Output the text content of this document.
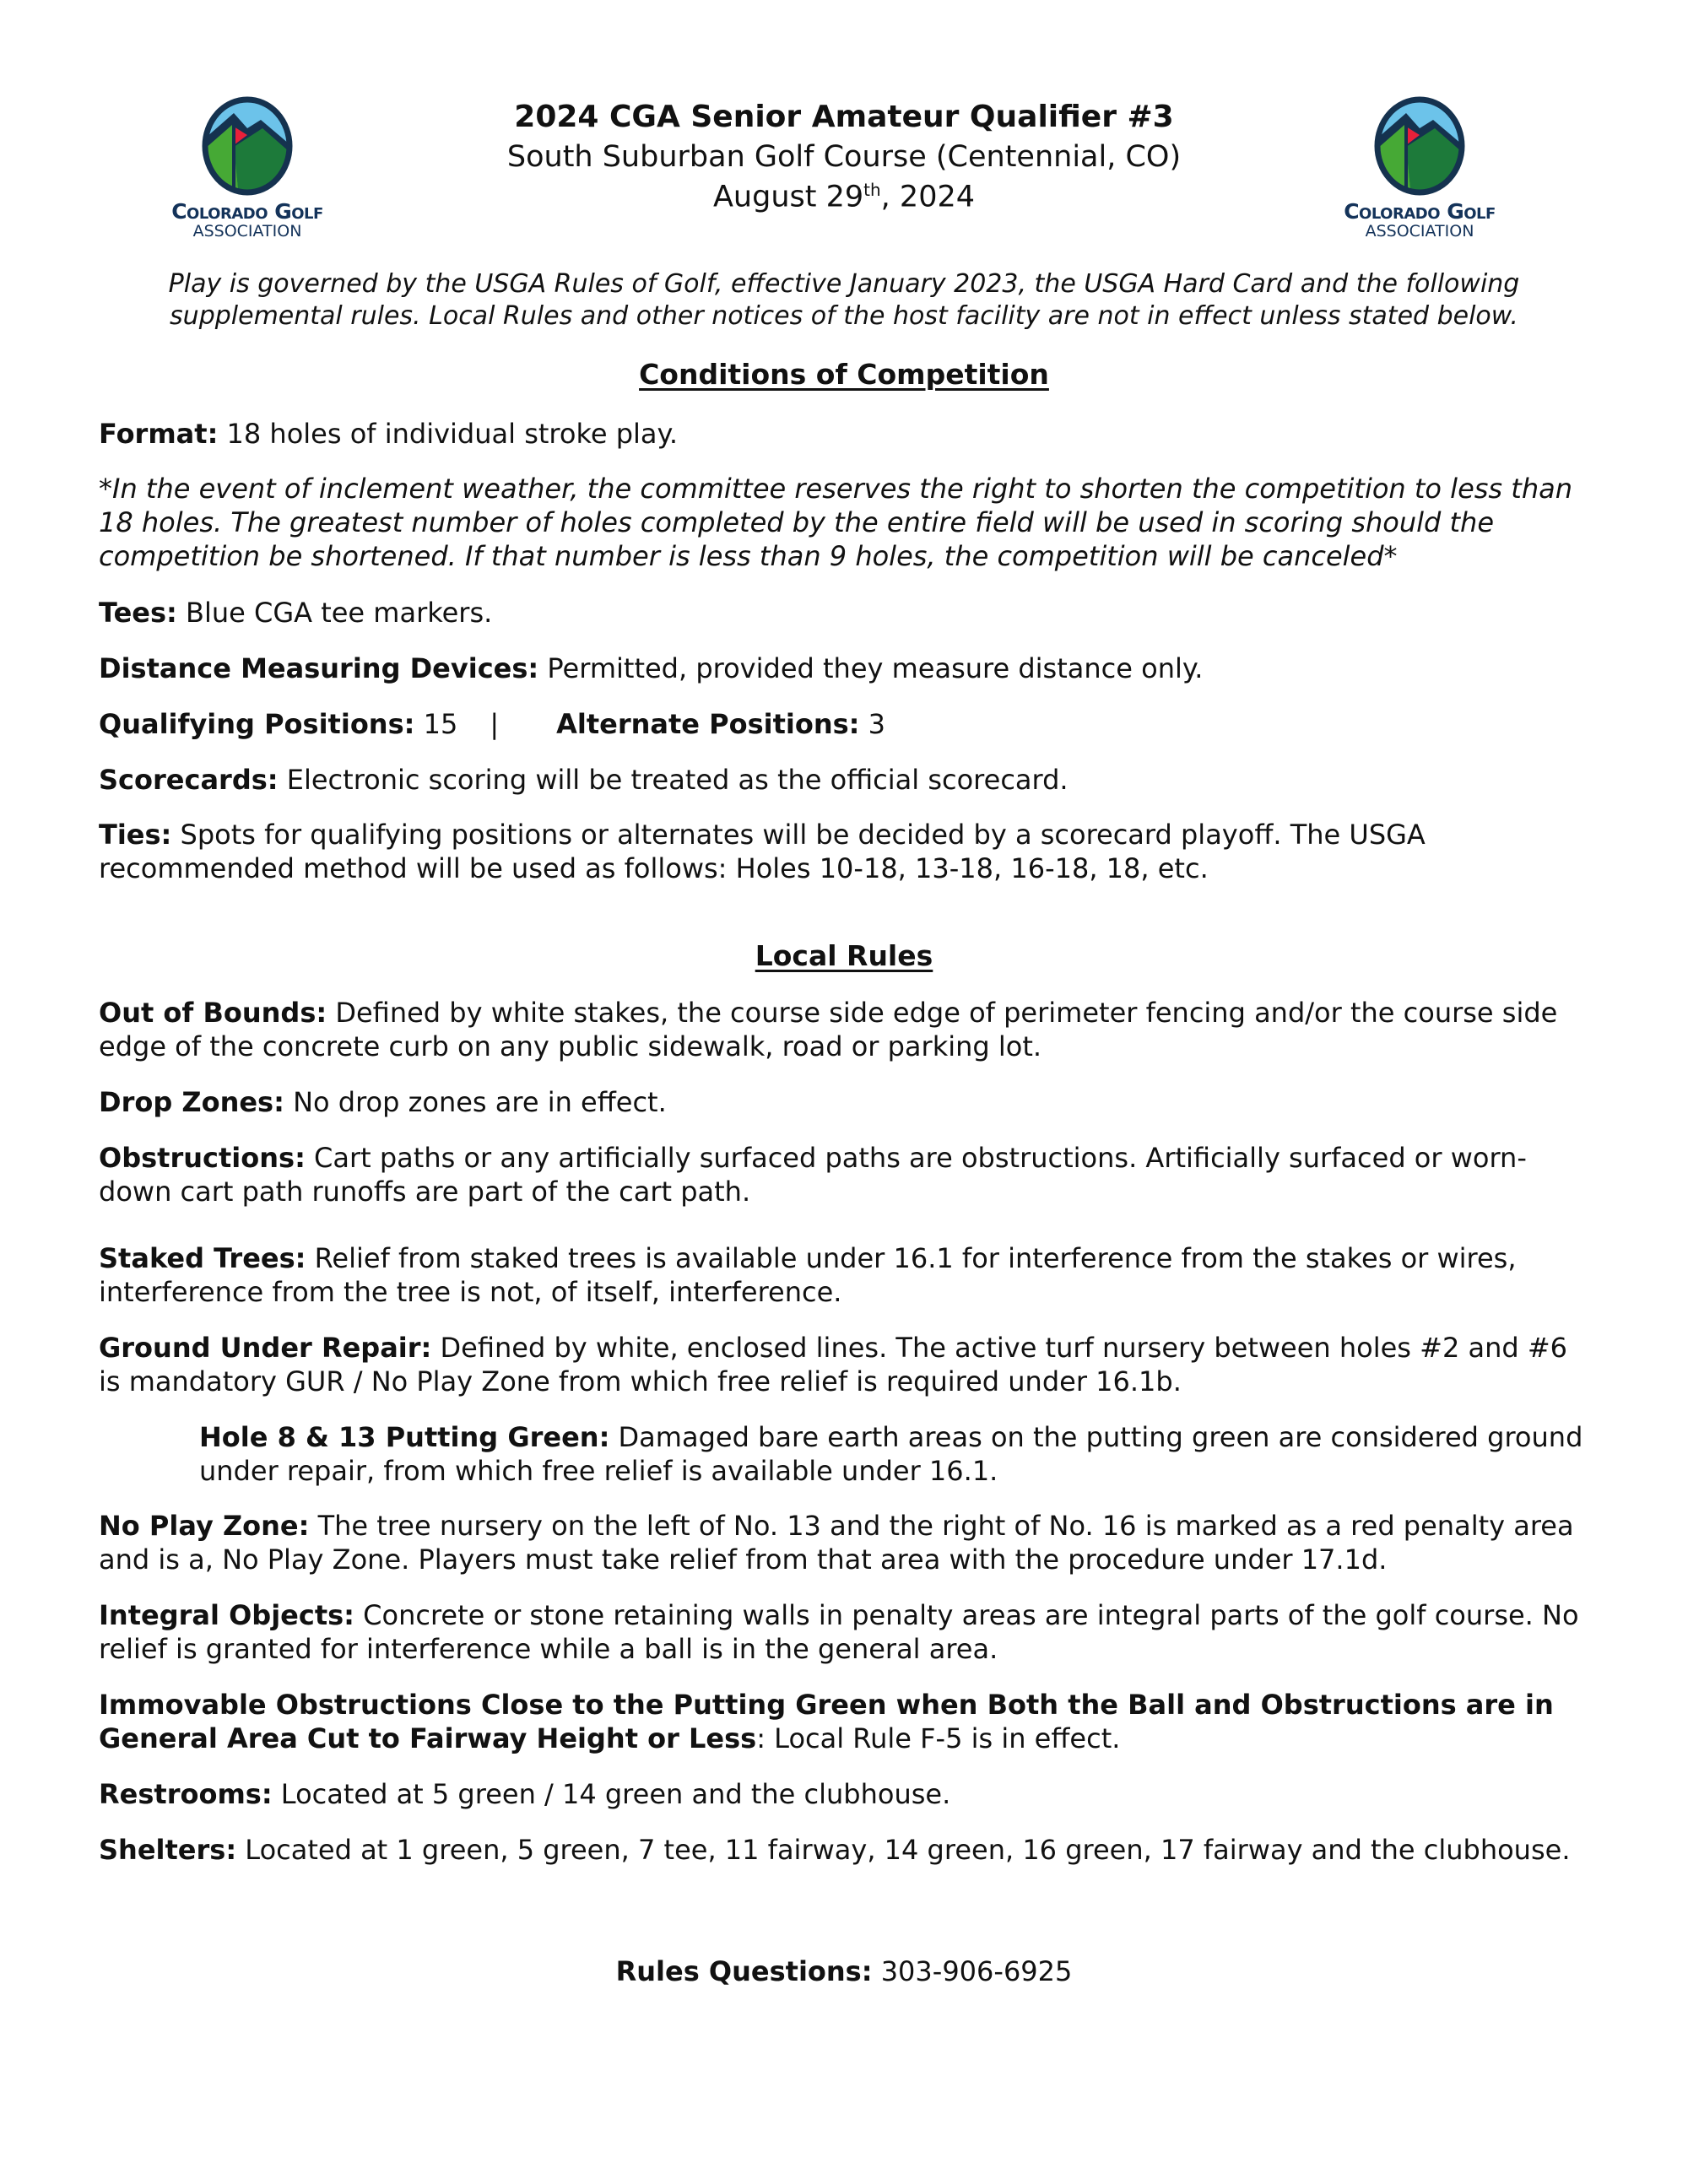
Colorado Golf
ASSOCIATION
Colorado Golf
ASSOCIATION
2024 CGA Senior Amateur Qualifier #3
South Suburban Golf Course (Centennial, CO)
August 29th, 2024
Play is governed by the USGA Rules of Golf, effective January 2023, the USGA Hard Card and the following supplemental rules. Local Rules and other notices of the host facility are not in effect unless stated below.
Conditions of Competition
Format: 18 holes of individual stroke play.
*In the event of inclement weather, the committee reserves the right to shorten the competition to less than 18 holes. The greatest number of holes completed by the entire field will be used in scoring should the competition be shortened. If that number is less than 9 holes, the competition will be canceled*
Tees: Blue CGA tee markers.
Distance Measuring Devices: Permitted, provided they measure distance only.
Qualifying Positions: 15 | Alternate Positions: 3
Scorecards: Electronic scoring will be treated as the official scorecard.
Ties: Spots for qualifying positions or alternates will be decided by a scorecard playoff. The USGA recommended method will be used as follows: Holes 10-18, 13-18, 16-18, 18, etc.
Local Rules
Out of Bounds: Defined by white stakes, the course side edge of perimeter fencing and/or the course side edge of the concrete curb on any public sidewalk, road or parking lot.
Drop Zones: No drop zones are in effect.
Obstructions: Cart paths or any artificially surfaced paths are obstructions. Artificially surfaced or worn-down cart path runoffs are part of the cart path.
Staked Trees: Relief from staked trees is available under 16.1 for interference from the stakes or wires, interference from the tree is not, of itself, interference.
Ground Under Repair: Defined by white, enclosed lines. The active turf nursery between holes #2 and #6 is mandatory GUR / No Play Zone from which free relief is required under 16.1b.
Hole 8 & 13 Putting Green: Damaged bare earth areas on the putting green are considered ground under repair, from which free relief is available under 16.1.
No Play Zone: The tree nursery on the left of No. 13 and the right of No. 16 is marked as a red penalty area and is a, No Play Zone. Players must take relief from that area with the procedure under 17.1d.
Integral Objects: Concrete or stone retaining walls in penalty areas are integral parts of the golf course. No relief is granted for interference while a ball is in the general area.
Immovable Obstructions Close to the Putting Green when Both the Ball and Obstructions are in General Area Cut to Fairway Height or Less: Local Rule F-5 is in effect.
Restrooms: Located at 5 green / 14 green and the clubhouse.
Shelters: Located at 1 green, 5 green, 7 tee, 11 fairway, 14 green, 16 green, 17 fairway and the clubhouse.
Rules Questions: 303-906-6925
